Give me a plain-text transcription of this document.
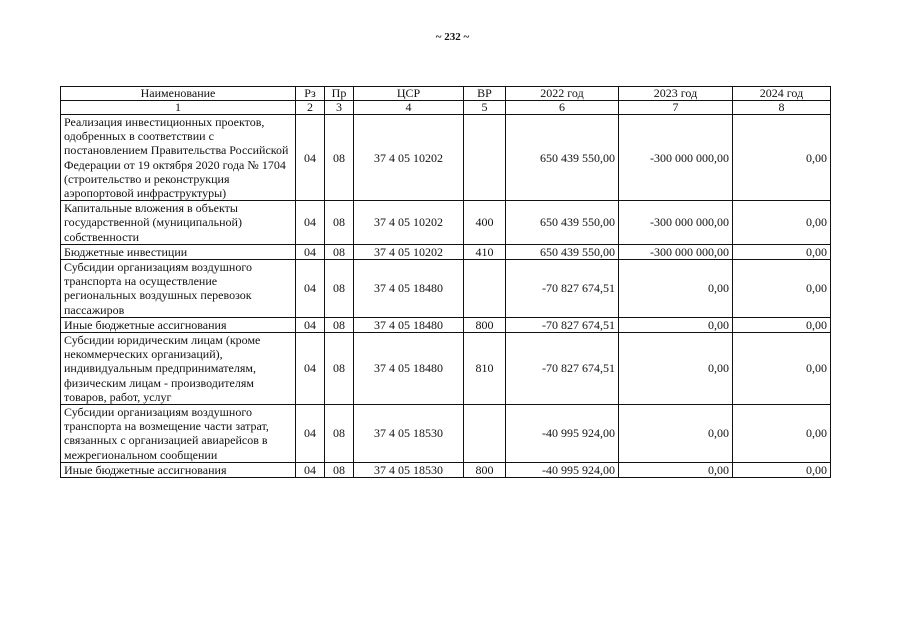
~ 232 ~
Наименование	Рз	Пр	ЦСР	ВР	2022 год	2023 год	2024 год
1	2	3	4	5	6	7	8
Реализация инвестиционных проектов, одобренных в соответствии с постановлением Правительства Российской Федерации от 19 октября 2020 года № 1704 (строительство и реконструкция аэропортовой инфраструктуры)	04	08	37 4 05 10202		650 439 550,00	-300 000 000,00	0,00
Капитальные вложения в объекты государственной (муниципальной) собственности	04	08	37 4 05 10202	400	650 439 550,00	-300 000 000,00	0,00
Бюджетные инвестиции	04	08	37 4 05 10202	410	650 439 550,00	-300 000 000,00	0,00
Субсидии организациям воздушного транспорта на осуществление региональных воздушных перевозок пассажиров	04	08	37 4 05 18480		-70 827 674,51	0,00	0,00
Иные бюджетные ассигнования	04	08	37 4 05 18480	800	-70 827 674,51	0,00	0,00
Субсидии юридическим лицам (кроме некоммерческих организаций), индивидуальным предпринимателям, физическим лицам - производителям товаров, работ, услуг	04	08	37 4 05 18480	810	-70 827 674,51	0,00	0,00
Субсидии организациям воздушного транспорта на возмещение части затрат, связанных с организацией авиарейсов в межрегиональном сообщении	04	08	37 4 05 18530		-40 995 924,00	0,00	0,00
Иные бюджетные ассигнования	04	08	37 4 05 18530	800	-40 995 924,00	0,00	0,00
